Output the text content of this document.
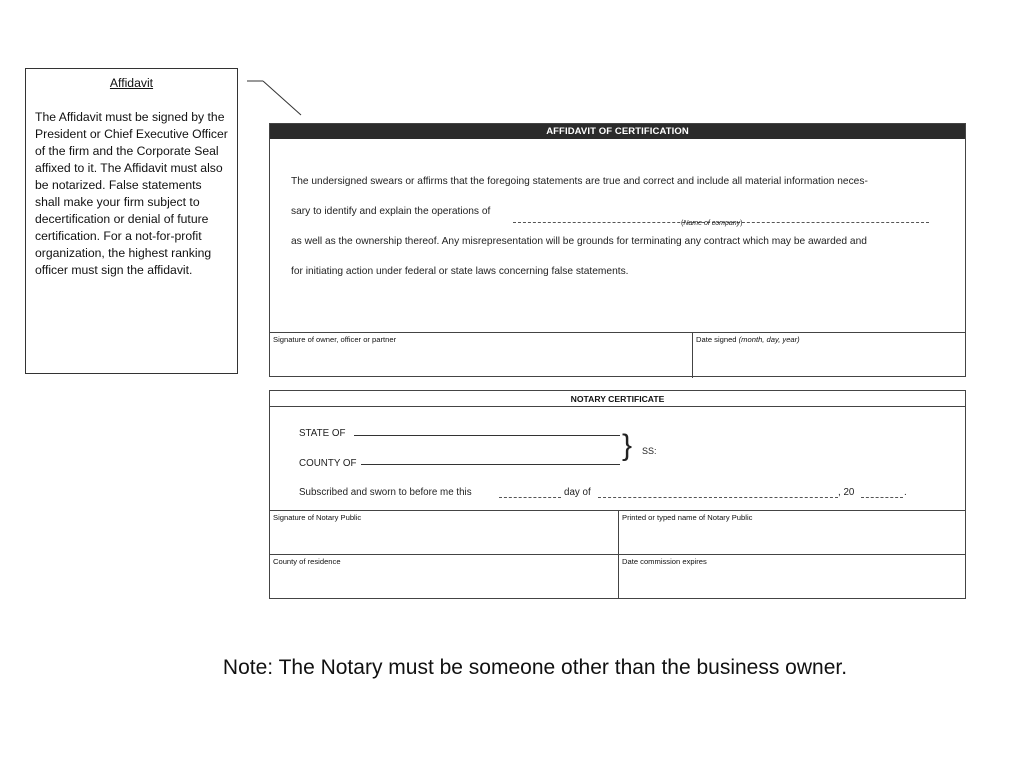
Affidavit
The Affidavit must be signed by the President or Chief Executive Officer of the firm and the Corporate Seal affixed to it. The Affidavit must also be notarized. False statements shall make your firm subject to decertification or denial of future certification. For a not-for-profit organization, the highest ranking officer must sign the affidavit.
AFFIDAVIT OF CERTIFICATION
The undersigned swears or affirms that the foregoing statements are true and correct and include all material information neces-
sary to identify and explain the operations of
(Name of company)
as well as the ownership thereof. Any misrepresentation will be grounds for terminating any contract which may be awarded and
for initiating action under federal or state laws concerning false statements.
Signature of owner, officer or partner	Date signed (month, day, year)
NOTARY CERTIFICATE
STATE OF
COUNTY OF
} SS:
Subscribed and sworn to before me this	day of	, 20	.
Signature of Notary Public	Printed or typed name of Notary Public
County of residence	Date commission expires
Note: The Notary must be someone other than the business owner.
